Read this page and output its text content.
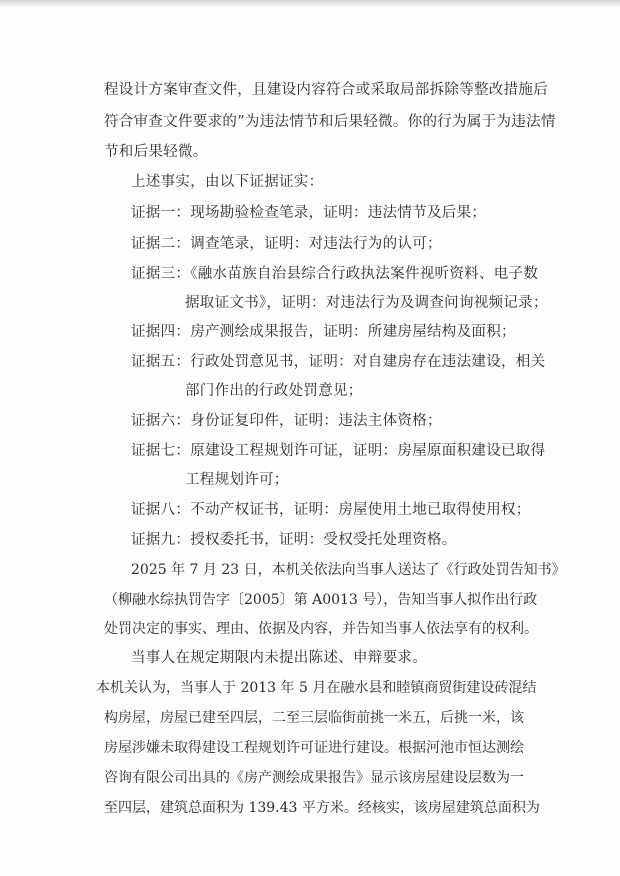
程设计方案审查文件，且建设内容符合或采取局部拆除等整改措施后
符合审查文件要求的”为违法情节和后果轻微。你的行为属于为违法情
节和后果轻微。
上述事实，由以下证据证实：
证据一：现场勘验检查笔录，证明：违法情节及后果；
证据二：调查笔录，证明：对违法行为的认可；
证据三：《融水苗族自治县综合行政执法案件视听资料、电子数
据取证文书》，证明：对违法行为及调查问询视频记录；
证据四：房产测绘成果报告，证明：所建房屋结构及面积；
证据五：行政处罚意见书，证明：对自建房存在违法建设，相关
部门作出的行政处罚意见；
证据六：身份证复印件，证明：违法主体资格；
证据七：原建设工程规划许可证，证明：房屋原面积建设已取得
工程规划许可；
证据八：不动产权证书，证明：房屋使用土地已取得使用权；
证据九：授权委托书，证明：受权受托处理资格。
2025 年 7 月 23 日，本机关依法向当事人送达了《行政处罚告知书》
（柳融水综执罚告字〔2005〕第 A0013 号），告知当事人拟作出行政
处罚决定的事实、理由、依据及内容，并告知当事人依法享有的权利。
当事人在规定期限内未提出陈述、申辩要求。
本机关认为，当事人于 2013 年 5 月在融水县和睦镇商贸街建设砖混结
构房屋，房屋已建至四层，二至三层临街前挑一米五，后挑一米，该
房屋涉嫌未取得建设工程规划许可证进行建设。根据河池市恒达测绘
咨询有限公司出具的《房产测绘成果报告》显示该房屋建设层数为一
至四层，建筑总面积为 139.43 平方米。经核实，该房屋建筑总面积为
